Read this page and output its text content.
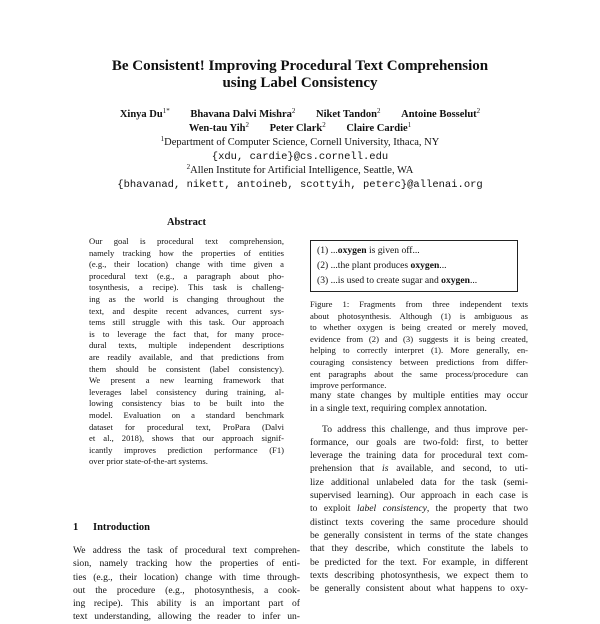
Be Consistent! Improving Procedural Text Comprehension
using Label Consistency
Xinya $Du^{1*}$ Bhavana Dalvi Mishra$^2$ Niket Tandon$^2$ Antoine Bosselut$^2$
Wen-tau Yih$^2$ Peter Clark$^2$ Claire Cardie$^1$
$^1$Department of Computer Science, Cornell University, Ithaca, NY
{xdu, cardie}@cs.cornell.edu
$^2$Allen Institute for Artificial Intelligence, Seattle, WA
{bhavanad, nikett, antoineb, scottyih, peterc}@allenai.org
Abstract
Our goal is procedural text comprehension,
namely tracking how the properties of entities
(e.g., their location) change with time given a
procedural text (e.g., a paragraph about pho-
tosynthesis, a recipe). This task is challeng-
ing as the world is changing throughout the
text, and despite recent advances, current sys-
tems still struggle with this task. Our approach
is to leverage the fact that, for many proce-
dural texts, multiple independent descriptions
are readily available, and that predictions from
them should be consistent (label consistency).
We present a new learning framework that
leverages label consistency during training, al-
lowing consistency bias to be built into the
model. Evaluation on a standard benchmark
dataset for procedural text, ProPara (Dalvi
et al., 2018), shows that our approach signif-
icantly improves prediction performance (F1)
over prior state-of-the-art systems.
1 Introduction
We address the task of procedural text comprehen-
sion, namely tracking how the properties of enti-
ties (e.g., their location) change with time through-
out the procedure (e.g., photosynthesis, a cook-
ing recipe). This ability is an important part of
text understanding, allowing the reader to infer un-
(1) ...oxygen is given off...
(2) ...the plant produces oxygen...
(3) ...is used to create sugar and oxygen...
Figure 1: Fragments from three independent texts
about photosynthesis. Although (1) is ambiguous as
to whether oxygen is being created or merely moved,
evidence from (2) and (3) suggests it is being created,
helping to correctly interpret (1). More generally, en-
couraging consistency between predictions from differ-
ent paragraphs about the same process/procedure can
improve performance.
many state changes by multiple entities may occur
in a single text, requiring complex annotation.
To address this challenge, and thus improve per-
formance, our goals are two-fold: first, to better
leverage the training data for procedural text com-
prehension that is available, and second, to uti-
lize additional unlabeled data for the task (semi-
supervised learning). Our approach in each case is
to exploit label consistency, the property that two
distinct texts covering the same procedure should
be generally consistent in terms of the state changes
that they describe, which constitute the labels to
be predicted for the text. For example, in different
texts describing photosynthesis, we expect them to
be generally consistent about what happens to oxy-
